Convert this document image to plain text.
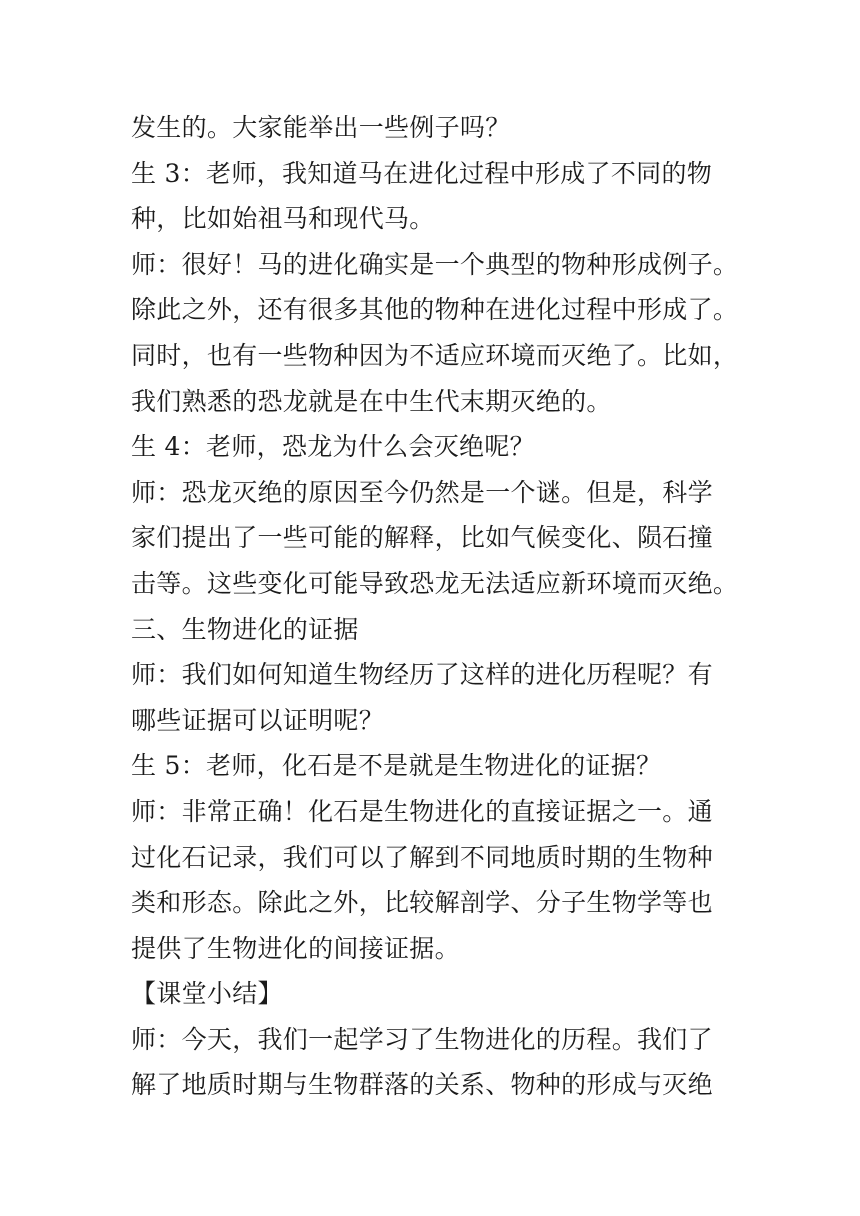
发生的。大家能举出一些例子吗？
生 3：老师，我知道马在进化过程中形成了不同的物
种，比如始祖马和现代马。
师：很好！马的进化确实是一个典型的物种形成例子。
除此之外，还有很多其他的物种在进化过程中形成了。
同时，也有一些物种因为不适应环境而灭绝了。比如，
我们熟悉的恐龙就是在中生代末期灭绝的。
生 4：老师，恐龙为什么会灭绝呢？
师：恐龙灭绝的原因至今仍然是一个谜。但是，科学
家们提出了一些可能的解释，比如气候变化、陨石撞
击等。这些变化可能导致恐龙无法适应新环境而灭绝。
三、生物进化的证据
师：我们如何知道生物经历了这样的进化历程呢？有
哪些证据可以证明呢？
生 5：老师，化石是不是就是生物进化的证据？
师：非常正确！化石是生物进化的直接证据之一。通
过化石记录，我们可以了解到不同地质时期的生物种
类和形态。除此之外，比较解剖学、分子生物学等也
提供了生物进化的间接证据。
【课堂小结】
师：今天，我们一起学习了生物进化的历程。我们了
解了地质时期与生物群落的关系、物种的形成与灭绝
